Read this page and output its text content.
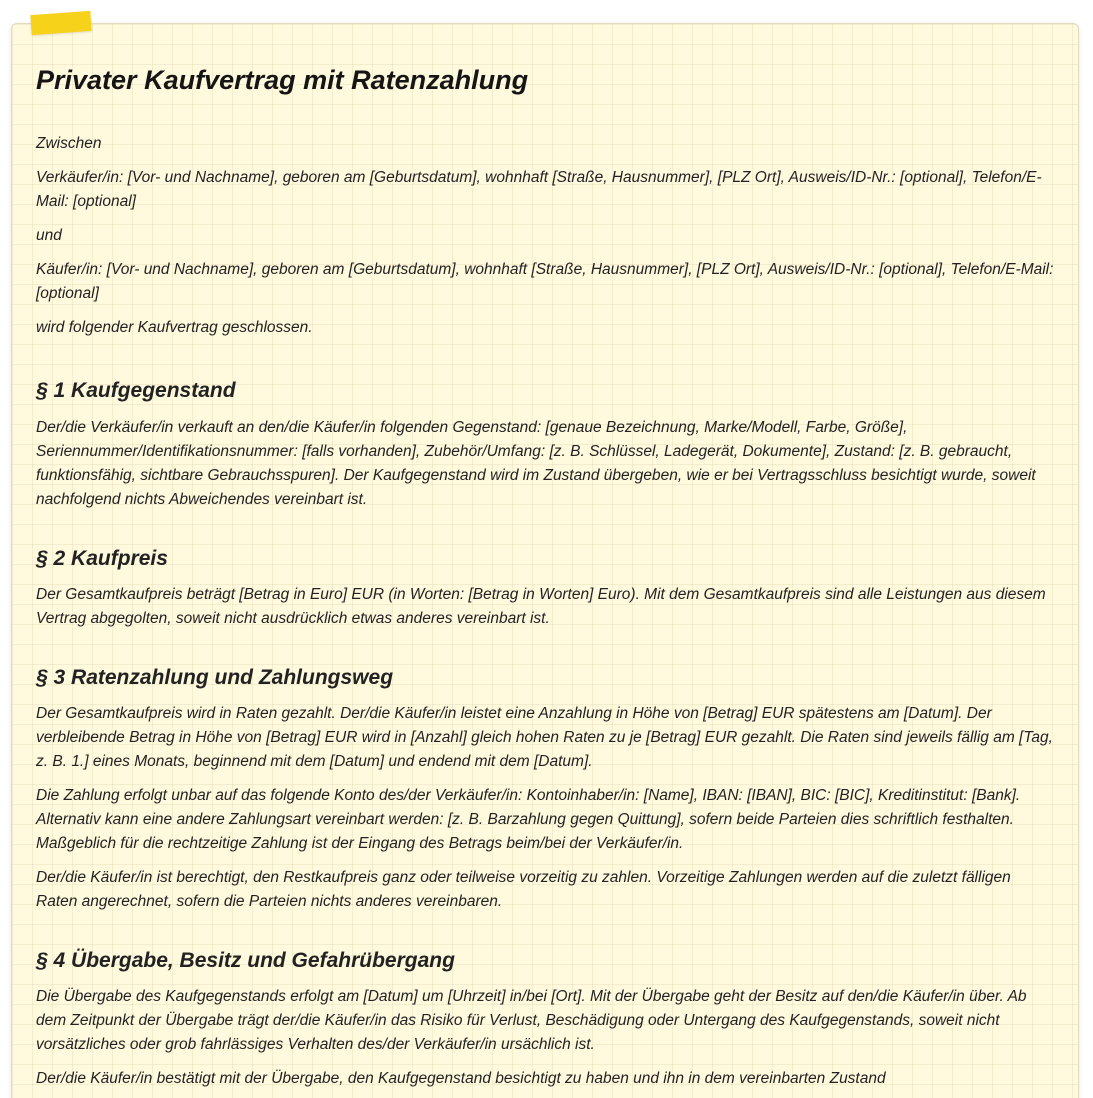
Privater Kaufvertrag mit Ratenzahlung

Zwischen

Verkäufer/in: [Vor- und Nachname], geboren am [Geburtsdatum], wohnhaft [Straße, Hausnummer], [PLZ Ort], Ausweis/ID-Nr.: [optional], Telefon/E-Mail: [optional]

und

Käufer/in: [Vor- und Nachname], geboren am [Geburtsdatum], wohnhaft [Straße, Hausnummer], [PLZ Ort], Ausweis/ID-Nr.: [optional], Telefon/E-Mail: [optional]

wird folgender Kaufvertrag geschlossen.

§ 1 Kaufgegenstand

Der/die Verkäufer/in verkauft an den/die Käufer/in folgenden Gegenstand: [genaue Bezeichnung, Marke/Modell, Farbe, Größe], Seriennummer/Identifikationsnummer: [falls vorhanden], Zubehör/Umfang: [z. B. Schlüssel, Ladegerät, Dokumente], Zustand: [z. B. gebraucht, funktionsfähig, sichtbare Gebrauchsspuren]. Der Kaufgegenstand wird im Zustand übergeben, wie er bei Vertragsschluss besichtigt wurde, soweit nachfolgend nichts Abweichendes vereinbart ist.

§ 2 Kaufpreis

Der Gesamtkaufpreis beträgt [Betrag in Euro] EUR (in Worten: [Betrag in Worten] Euro). Mit dem Gesamtkaufpreis sind alle Leistungen aus diesem Vertrag abgegolten, soweit nicht ausdrücklich etwas anderes vereinbart ist.

§ 3 Ratenzahlung und Zahlungsweg

Der Gesamtkaufpreis wird in Raten gezahlt. Der/die Käufer/in leistet eine Anzahlung in Höhe von [Betrag] EUR spätestens am [Datum]. Der verbleibende Betrag in Höhe von [Betrag] EUR wird in [Anzahl] gleich hohen Raten zu je [Betrag] EUR gezahlt. Die Raten sind jeweils fällig am [Tag, z. B. 1.] eines Monats, beginnend mit dem [Datum] und endend mit dem [Datum].

Die Zahlung erfolgt unbar auf das folgende Konto des/der Verkäufer/in: Kontoinhaber/in: [Name], IBAN: [IBAN], BIC: [BIC], Kreditinstitut: [Bank]. Alternativ kann eine andere Zahlungsart vereinbart werden: [z. B. Barzahlung gegen Quittung], sofern beide Parteien dies schriftlich festhalten. Maßgeblich für die rechtzeitige Zahlung ist der Eingang des Betrags beim/bei der Verkäufer/in.

Der/die Käufer/in ist berechtigt, den Restkaufpreis ganz oder teilweise vorzeitig zu zahlen. Vorzeitige Zahlungen werden auf die zuletzt fälligen Raten angerechnet, sofern die Parteien nichts anderes vereinbaren.

§ 4 Übergabe, Besitz und Gefahrübergang

Die Übergabe des Kaufgegenstands erfolgt am [Datum] um [Uhrzeit] in/bei [Ort]. Mit der Übergabe geht der Besitz auf den/die Käufer/in über. Ab dem Zeitpunkt der Übergabe trägt der/die Käufer/in das Risiko für Verlust, Beschädigung oder Untergang des Kaufgegenstands, soweit nicht vorsätzliches oder grob fahrlässiges Verhalten des/der Verkäufer/in ursächlich ist.

Der/die Käufer/in bestätigt mit der Übergabe, den Kaufgegenstand besichtigt zu haben und ihn in dem vereinbarten Zustand
